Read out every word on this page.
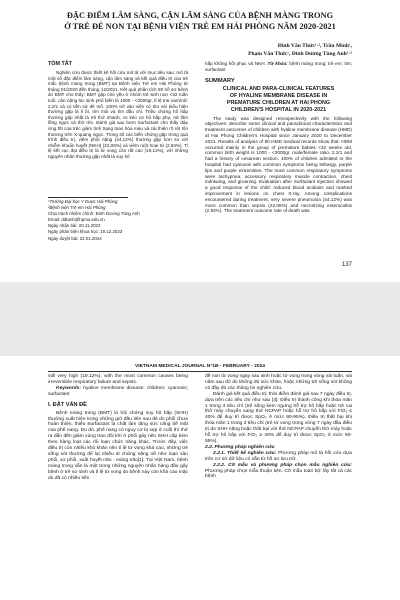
ĐẶC ĐIỂM LÂM SÀNG, CẬN LÂM SÀNG CỦA BỆNH MÀNG TRONG
Ở TRẺ ĐẺ NON TẠI BỆNH VIỆN TRẺ EM HẢI PHÒNG NĂM 2020-2021
Đinh Văn Thức¹·², Trần Minh¹,
Phạm Văn Thức¹, Đinh Dương Tùng Anh¹·²
TÓM TẮT

Nghiên cứu được thiết kế hồi cứu mô tả với mục tiêu sau: mô tả một số đặc điểm lâm sàng, cận lâm sàng và kết quả điều trị của trẻ mắc bệnh màng trong (BMT) tại Bệnh viện Trẻ em Hải Phòng từ tháng 01/2020 đến tháng 12/2021. Kết quả phân tích 80 hồ sơ bệnh án BMT cho thấy: BMT gặp chủ yếu ở nhóm trẻ sinh non <32 tuần tuổi, cân nặng lúc sinh phổ biến là 1000 - <2000gr, tỉ lệ trai nam/nữ: 2,2/1 và có tiền sử đẻ mổ. 100% trẻ vào viện có tím với biểu hiện thường gặp là li bì, tím môi và tím đầu chi. Triệu chứng hô hấp thường gặp nhất là trẻ thở nhanh, co kéo cơ hô hấp phụ, rút lõm lồng ngực và thở rên. Đánh giá sau bơm Surfactant cho thấy đáp ứng tốt của trẻc giảm tình trạng toan hóa máu và cải thiện rõ rệt tổn thương trên X-quang ngực. Trong số các biến chứng gặp trong quá trình điều trị, viêm phổi nặng (44,12%) thường gặp hơn so với nhiễm khuẩn huyết (NKH) (22,06%) và viêm ruột hoại tử (2,94%). Tỉ lệ kết cục đạt điều trị là từ vong còn rất cao (19,12%), với những nguyên nhân thường gặp nhất là suy hô

¹Trường Đại học Y Dược Hải Phòng
²Bệnh viện Trẻ em Hải Phòng
Chịu trách nhiệm chính: Đinh Dương Tùng Anh
Email: ddtanh@hpmu.edu.vn
Ngày nhận bài: 20.11.2023
Ngày phản biện khoa học: 19.12.2023
Ngày duyệt bài: 22.01.2024

hấp không hồi phục và NKH. Từ khóa: bệnh màng trong; trẻ em; tim; surfactant

SUMMARY
CLINICAL AND PARA-CLINICAL FEATURES
OF HYALINE MEMBRANE DISEASE IN
PREMATURE CHILDREN AT HAI PHONG
CHILDREN'S HOSPITAL IN 2020-2021

The study was designed retrospectively with the following objectives: describe some clinical and paraclinical characteristics and treatment outcomes of children with hyaline membrane disease (HMD) at Hai Phong Children's Hospital since January 2020 to December 2021. Results of analysis of 80 HMD medical records show that: HDM occurred mainly in the group of premature babies <32 weeks old, common birth weight is 1000 - <2000gr, male/female ratio: 2.2/1 and had a history of cesarean section. 100% of children admitted to the hospital had cyanosis with common symptoms being lethargy, purple lips and purple extremities. The most common respiratory symptoms were tachypnea, accessory respiratory muscle contraction, chest indrawing, and groaning. Evaluation after Surfactant injection showed a good response of the child: reduced blood acidosis and marked improvement in lesions on chest X-ray. Among complications encountered during treatment, very severe pneumonia (44.12%) was more common than sepsis (22.06%) and necrotizing enterocolitis (2.94%). The treatment outcome rate of death was

137
VIETNAM MEDICAL JOURNAL N°1B - FEBRUARY - 2024

still very high (19.12%), with the most common causes being irreversible respiratory failure and sepsis.

Keywords: hyaline membrane disease; children; cyanosis; surfactant

I. ĐẶT VẤN ĐỀ

Bệnh màng trong (BMT) là hội chứng suy hô hấp (SHH) thường xuất hiện trong những giờ đầu tiên sau đẻ do phổi chưa hoàn thiện, thiếu Surfactant là chất làm tăng sức căng bề mặt của phế nang. Do đó, phế nang có nguy cơ bị xẹp ở cuối thì thở ra dẫn đến giảm vùng trao đổi khí ở phổi gây nên SHH cấp kèm theo hàng loạt các rối loạn chức năng khác. Trước đây, việc điều trị còn nhiều khó khăn nên tỉ lệ tử vong khá cao, những trẻ sống sót thường để lại nhiều di chứng nặng nề như loạn sản phổi, xơ phổi, xuất huyết não - màng não[1]. Tại Việt Nam, bệnh màng trong vẫn là một trong những nguyên nhân hàng đầu gây bệnh ở trẻ sơ sinh và tỉ lệ tử vong do bệnh này còn khá cao mặc dù đã có nhiều tiến

đề non từ vong ngay sau sinh hoặc từ vong trong vòng vài tuần, vài năm sau đó do không đủ sức khỏe, hoặc những trẻ sống sót không có đầy đủ các thông tin nghiên cứu.

Đánh giá kết quả điều trị: thời điểm đánh giá sau 7 ngày điều trị, dựa trên các tiêu chí như sau [4]: Điều trị thành công khi thỏa mãn 1 trong 3 tiêu chí (trẻ sống kèm ngưng hỗ trợ hô hấp hoặc trẻ cai thở máy chuyển sang thở NCPAP hoặc hỗ trợ hô hấp với FiO₂ ≤ 40% để duy trì được SpO₂ ở mức 90-95%). Điều trị thất bại khi thỏa mãn 1 trong 3 tiêu chí (trẻ tử vong trong vòng 7 ngày đầu điều trị do SHH nặng hoặc thất bại với thở NCPAP chuyển thở máy hoặc hỗ trợ hô hấp với FiO₂ ≥ 40% để duy trì được SpO₂ ở mức 90-95%).

2.2. Phương pháp nghiên cứu

2.2.1. Thiết kế nghiên cứu: Phương pháp mô tả hồi cứu dựa trên cơ sở dữ liệu có sẵn từ hồ sơ lưu trữ.

2.2.2. Cỡ mẫu và phương pháp chọn mẫu nghiên cứu: Phương pháp chọn mẫu thuận tiện. Cỡ mẫu toàn bộ: lấy tất cả các bệnh
